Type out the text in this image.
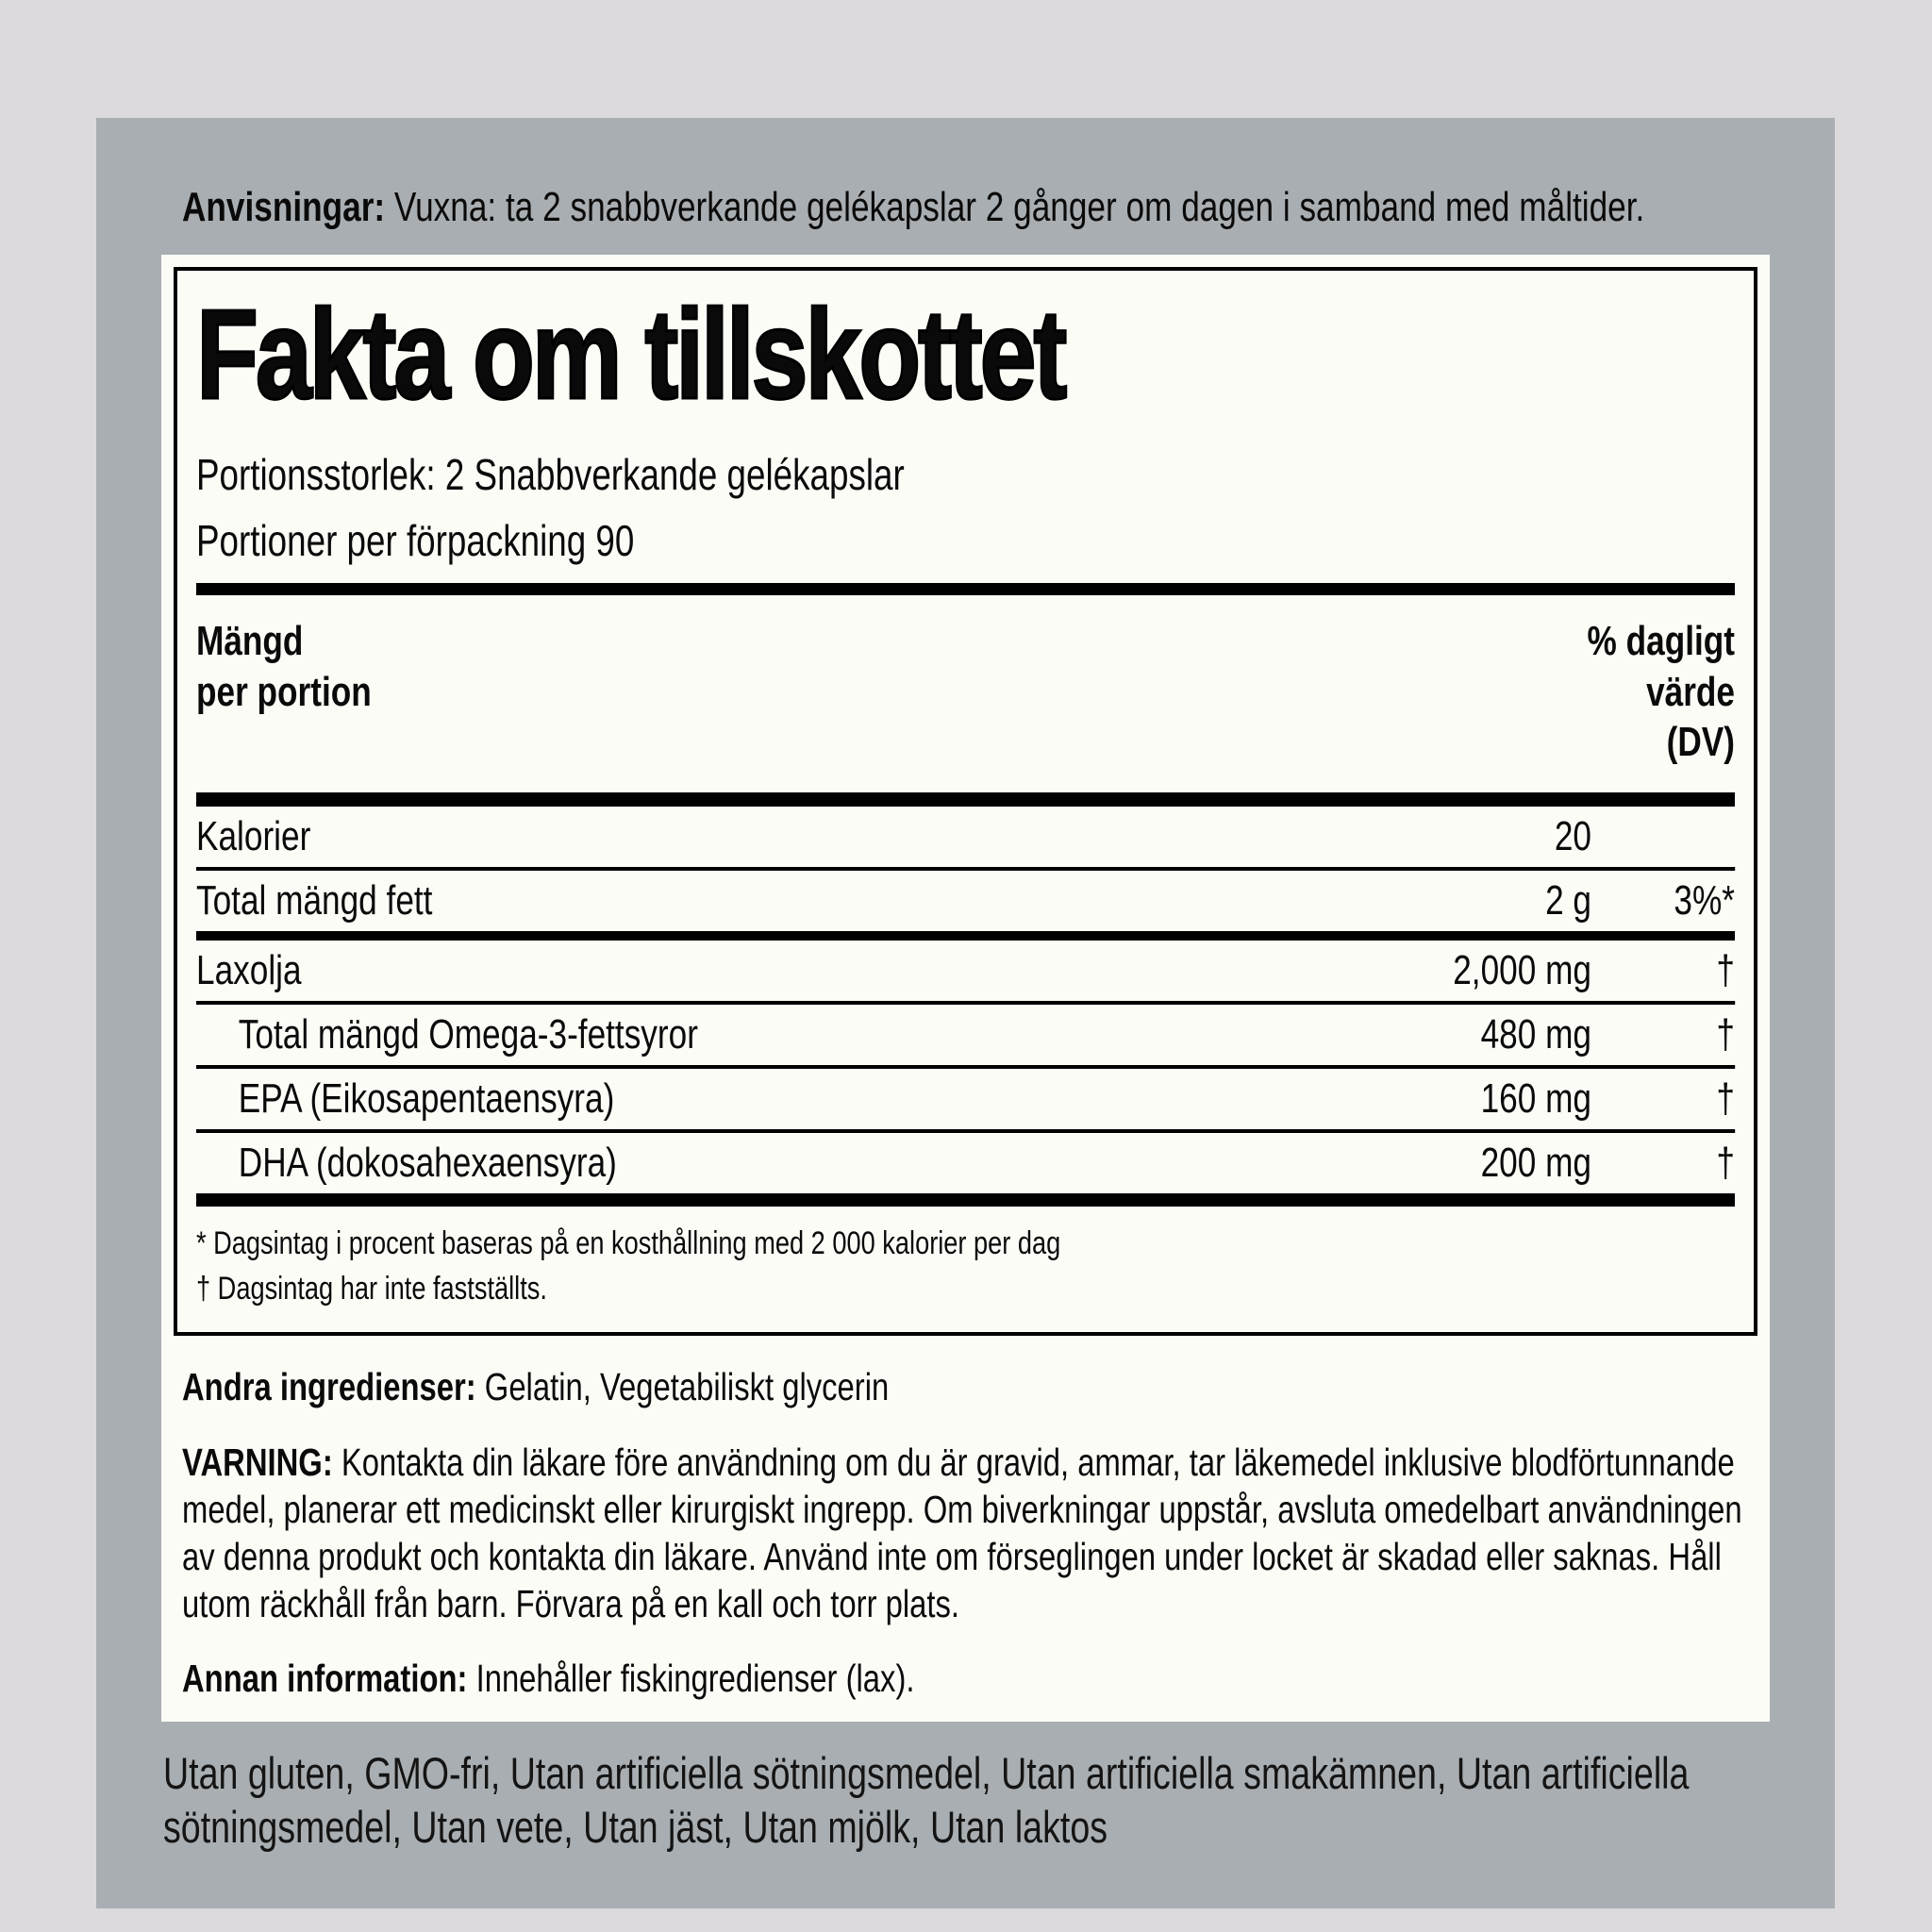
Anvisningar: Vuxna: ta 2 snabbverkande gelékapslar 2 gånger om dagen i samband med måltider.
Fakta om tillskottet
Portionsstorlek: 2 Snabbverkande gelékapslar
Portioner per förpackning 90
Mängd
per portion
% dagligt
värde
(DV)
Kalorier	20
Total mängd fett	2 g	3%*
Laxolja	2,000 mg	†
Total mängd Omega-3-fettsyror	480 mg	†
EPA (Eikosapentaensyra)	160 mg	†
DHA (dokosahexaensyra)	200 mg	†
* Dagsintag i procent baseras på en kosthållning med 2 000 kalorier per dag
† Dagsintag har inte fastställts.

Andra ingredienser: Gelatin, Vegetabiliskt glycerin

VARNING: Kontakta din läkare före användning om du är gravid, ammar, tar läkemedel inklusive blodförtunnande medel, planerar ett medicinskt eller kirurgiskt ingrepp. Om biverkningar uppstår, avsluta omedelbart användningen av denna produkt och kontakta din läkare. Använd inte om förseglingen under locket är skadad eller saknas. Håll utom räckhåll från barn. Förvara på en kall och torr plats.

Annan information: Innehåller fiskingredienser (lax).

Utan gluten, GMO-fri, Utan artificiella sötningsmedel, Utan artificiella smakämnen, Utan artificiella sötningsmedel, Utan vete, Utan jäst, Utan mjölk, Utan laktos
